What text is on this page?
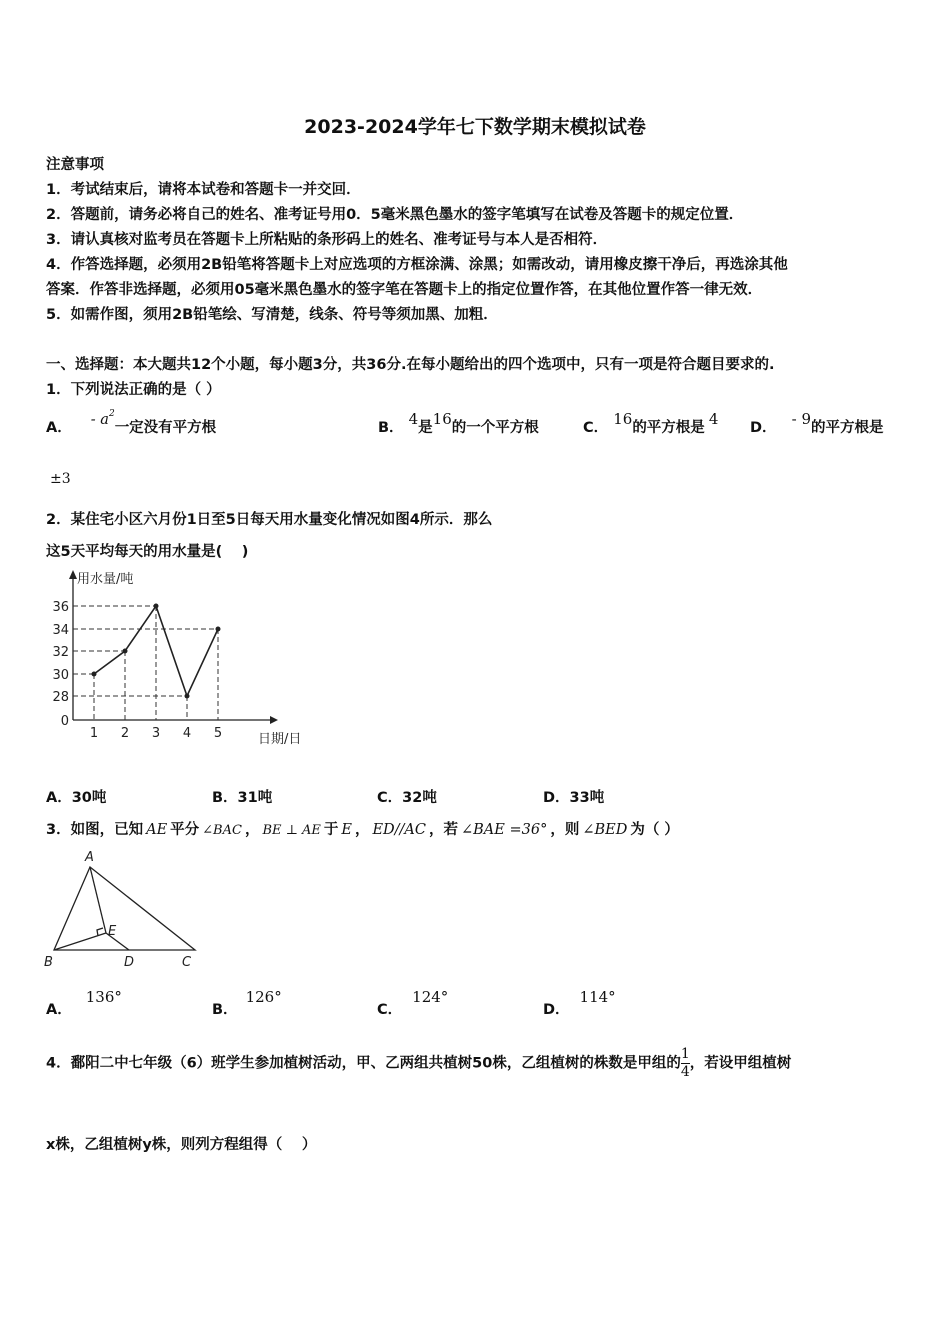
2023-2024学年七下数学期末模拟试卷
注意事项
1．考试结束后，请将本试卷和答题卡一并交回．
2．答题前，请务必将自己的姓名、准考证号用0．5毫米黑色墨水的签字笔填写在试卷及答题卡的规定位置．
3．请认真核对监考员在答题卡上所粘贴的条形码上的姓名、准考证号与本人是否相符．
4．作答选择题，必须用2B铅笔将答题卡上对应选项的方框涂满、涂黑；如需改动，请用橡皮擦干净后，再选涂其他
答案．作答非选择题，必须用05毫米黑色墨水的签字笔在答题卡上的指定位置作答，在其他位置作答一律无效．
5．如需作图，须用2B铅笔绘、写清楚，线条、符号等须加黑、加粗．
一、选择题：本大题共12个小题，每小题3分，共36分.在每小题给出的四个选项中，只有一项是符合题目要求的.
1．下列说法正确的是（ ）
A． - $a^2$一定没有平方根	B． 4是16的一个平方根	C． 16的平方根是 4 D． - 9的平方根是
±3
2．某住宅小区六月份1日至5日每天用水量变化情况如图4所示．那么
这5天平均每天的用水量是(　 )
用水量/吨
日期/日
0
28
30
32
34
36
1 2 3 4 5
A．30吨	B．31吨	C．32吨	D．33吨
3．如图，已知 AE 平分 ∠BAC ， BE ⊥ AE 于 E ， ED//AC ，若 ∠BAE =36° ，则 ∠BED 为（ ）
A
B	D	C
E
A．136°
B．126°
C．124°
D．114°
4．鄱阳二中七年级（6）班学生参加植树活动，甲、乙两组共植树50株，乙组植树的株数是甲组的 $\frac{1}{4}$ ，若设甲组植树
x株，乙组植树y株，则列方程组得（　 ）
